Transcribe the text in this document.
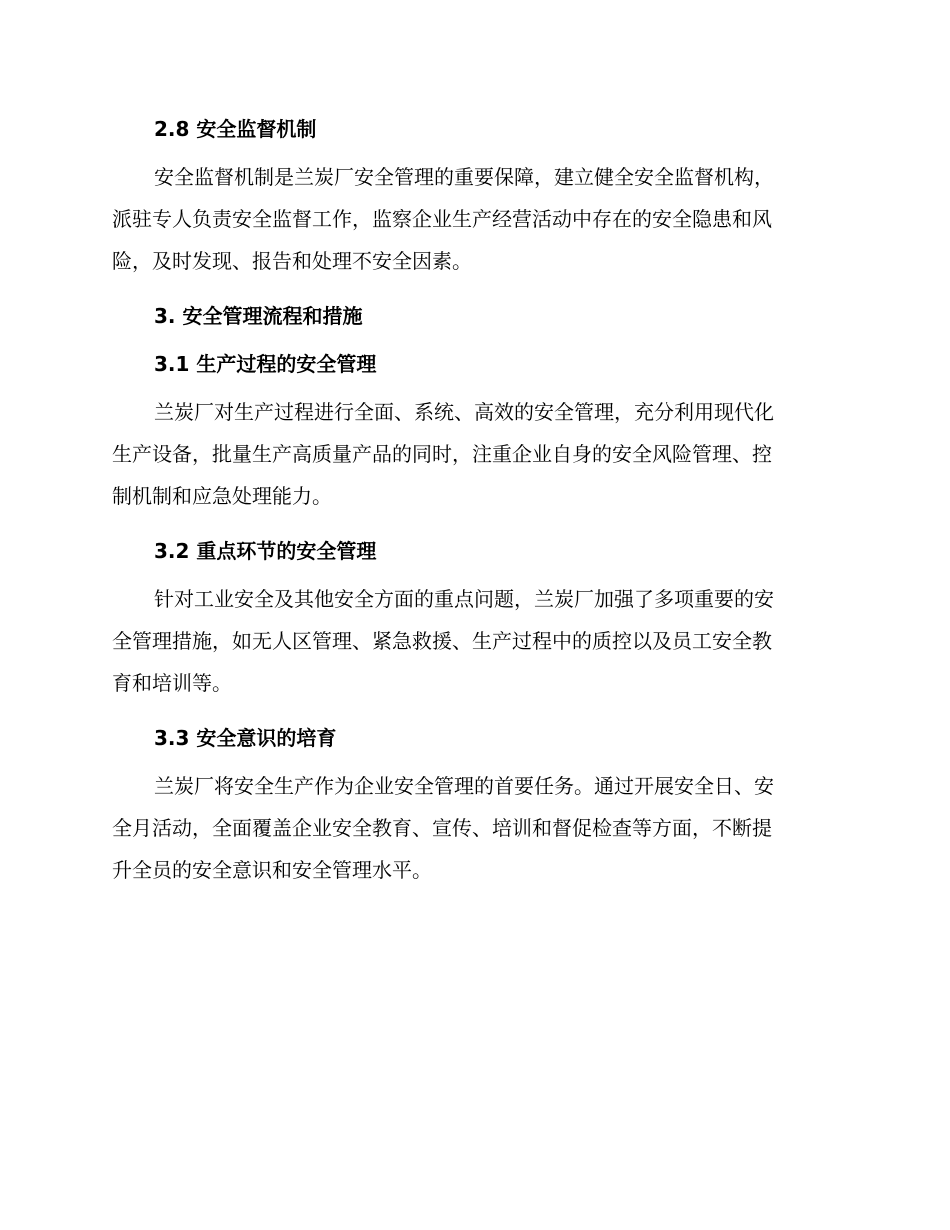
2.8 安全监督机制
安全监督机制是兰炭厂安全管理的重要保障，建立健全安全监督机构，
派驻专人负责安全监督工作，监察企业生产经营活动中存在的安全隐患和风
险，及时发现、报告和处理不安全因素。
3. 安全管理流程和措施
3.1 生产过程的安全管理
兰炭厂对生产过程进行全面、系统、高效的安全管理，充分利用现代化
生产设备，批量生产高质量产品的同时，注重企业自身的安全风险管理、控
制机制和应急处理能力。
3.2 重点环节的安全管理
针对工业安全及其他安全方面的重点问题，兰炭厂加强了多项重要的安
全管理措施，如无人区管理、紧急救援、生产过程中的质控以及员工安全教
育和培训等。
3.3 安全意识的培育
兰炭厂将安全生产作为企业安全管理的首要任务。通过开展安全日、安
全月活动，全面覆盖企业安全教育、宣传、培训和督促检查等方面，不断提
升全员的安全意识和安全管理水平。
